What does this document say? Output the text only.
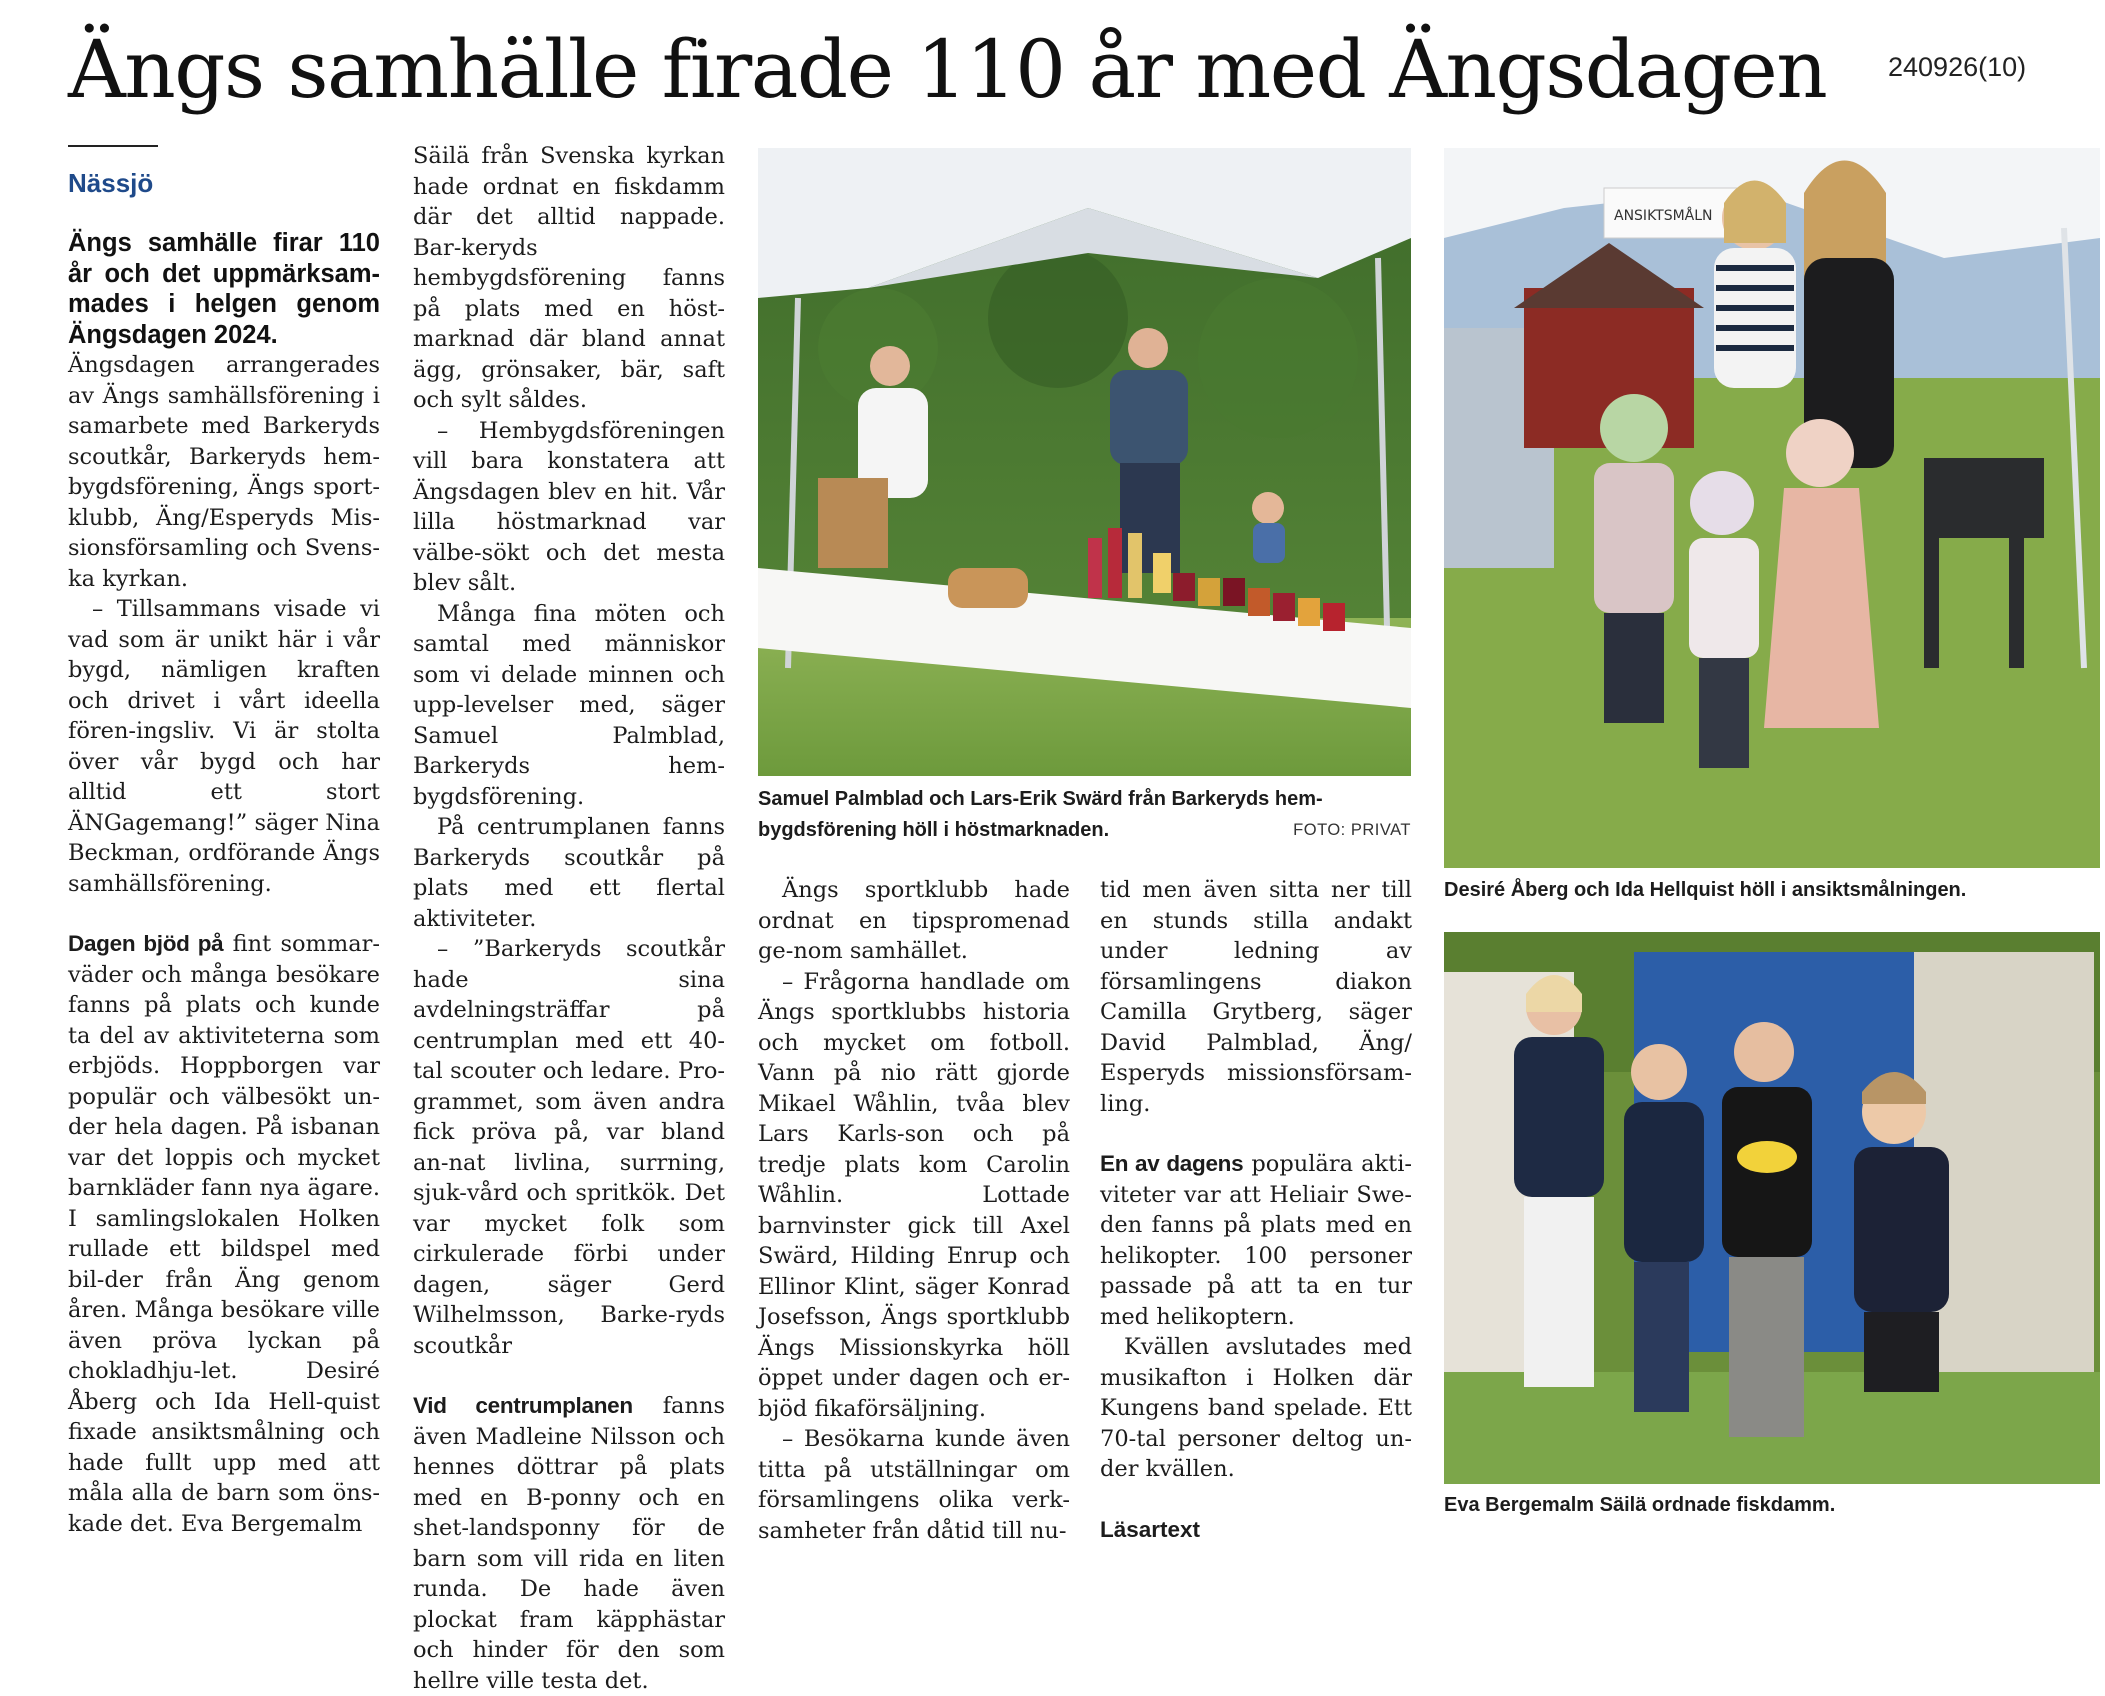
Ängs samhälle firade 110 år med Ängsdagen	240926(10)
Nässjö

Ängs samhälle firar 110 år och det uppmärksam-mades i helgen genom Ängsdagen 2024.

Ängsdagen arrangerades av Ängs samhällsförening i samarbete med Barkeryds scoutkår, Barkeryds hem-bygdsförening, Ängs sport-klubb, Äng/Esperyds Mis-sionsförsamling och Svens-ka kyrkan.

– Tillsammans visade vi vad som är unikt här i vår bygd, nämligen kraften och drivet i vårt ideella fören-ingsliv. Vi är stolta över vår bygd och har alltid ett stort ÄNGagemang!” säger Nina Beckman, ordförande Ängs samhällsförening.

Dagen bjöd på fint sommar-väder och många besökare fanns på plats och kunde ta del av aktiviteterna som erbjöds. Hoppborgen var populär och välbesökt un-der hela dagen. På isbanan var det loppis och mycket barnkläder fann nya ägare. I samlingslokalen Holken rullade ett bildspel med bil-der från Äng genom åren. Många besökare ville även pröva lyckan på chokladhju-let. Desiré Åberg och Ida Hell-quist fixade ansiktsmålning och hade fullt upp med att måla alla de barn som öns-kade det. Eva Bergemalm

Säilä från Svenska kyrkan hade ordnat en fiskdamm där det alltid nappade. Bar-keryds hembygdsförening fanns på plats med en höst-marknad där bland annat ägg, grönsaker, bär, saft och sylt såldes.

– Hembygdsföreningen vill bara konstatera att Ängsdagen blev en hit. Vår lilla höstmarknad var välbe-sökt och det mesta blev sålt.

Många fina möten och samtal med människor som vi delade minnen och upp-levelser med, säger Samuel Palmblad, Barkeryds hem-bygdsförening.

På centrumplanen fanns Barkeryds scoutkår på plats med ett flertal aktiviteter.

– ”Barkeryds scoutkår hade sina avdelningsträffar på centrumplan med ett 40-tal scouter och ledare. Pro-grammet, som även andra fick pröva på, var bland an-nat livlina, surrning, sjuk-vård och spritkök. Det var mycket folk som cirkulerade förbi under dagen, säger Gerd Wilhelmsson, Barke-ryds scoutkår

Vid centrumplanen fanns även Madleine Nilsson och hennes döttrar på plats med en B-ponny och en shet-landsponny för de barn som vill rida en liten runda. De hade även plockat fram käpphästar och hinder för den som hellre ville testa det.

Samuel Palmblad och Lars-Erik Swärd från Barkeryds hem-bygdsförening höll i höstmarknaden.	FOTO: PRIVAT

Ängs sportklubb hade ordnat en tipspromenad ge-nom samhället.

– Frågorna handlade om Ängs sportklubbs historia och mycket om fotboll. Vann på nio rätt gjorde Mikael Wåhlin, tvåa blev Lars Karls-son och på tredje plats kom Carolin Wåhlin. Lottade barnvinster gick till Axel Swärd, Hilding Enrup och Ellinor Klint, säger Konrad Josefsson, Ängs sportklubb Ängs Missionskyrka höll öppet under dagen och er-bjöd fikaförsäljning.

– Besökarna kunde även titta på utställningar om församlingens olika verk-samheter från dåtid till nu-

tid men även sitta ner till en stunds stilla andakt under ledning av församlingens diakon Camilla Grytberg, säger David Palmblad, Äng/ Esperyds missionsförsam-ling.

En av dagens populära akti-viteter var att Heliair Swe-den fanns på plats med en helikopter. 100 personer passade på att ta en tur med helikoptern.

Kvällen avslutades med musikafton i Holken där Kungens band spelade. Ett 70-tal personer deltog un-der kvällen.

Läsartext

ANSIKTSMÅLN
Desiré Åberg och Ida Hellquist höll i ansiktsmålningen.
Eva Bergemalm Säilä ordnade fiskdamm.
